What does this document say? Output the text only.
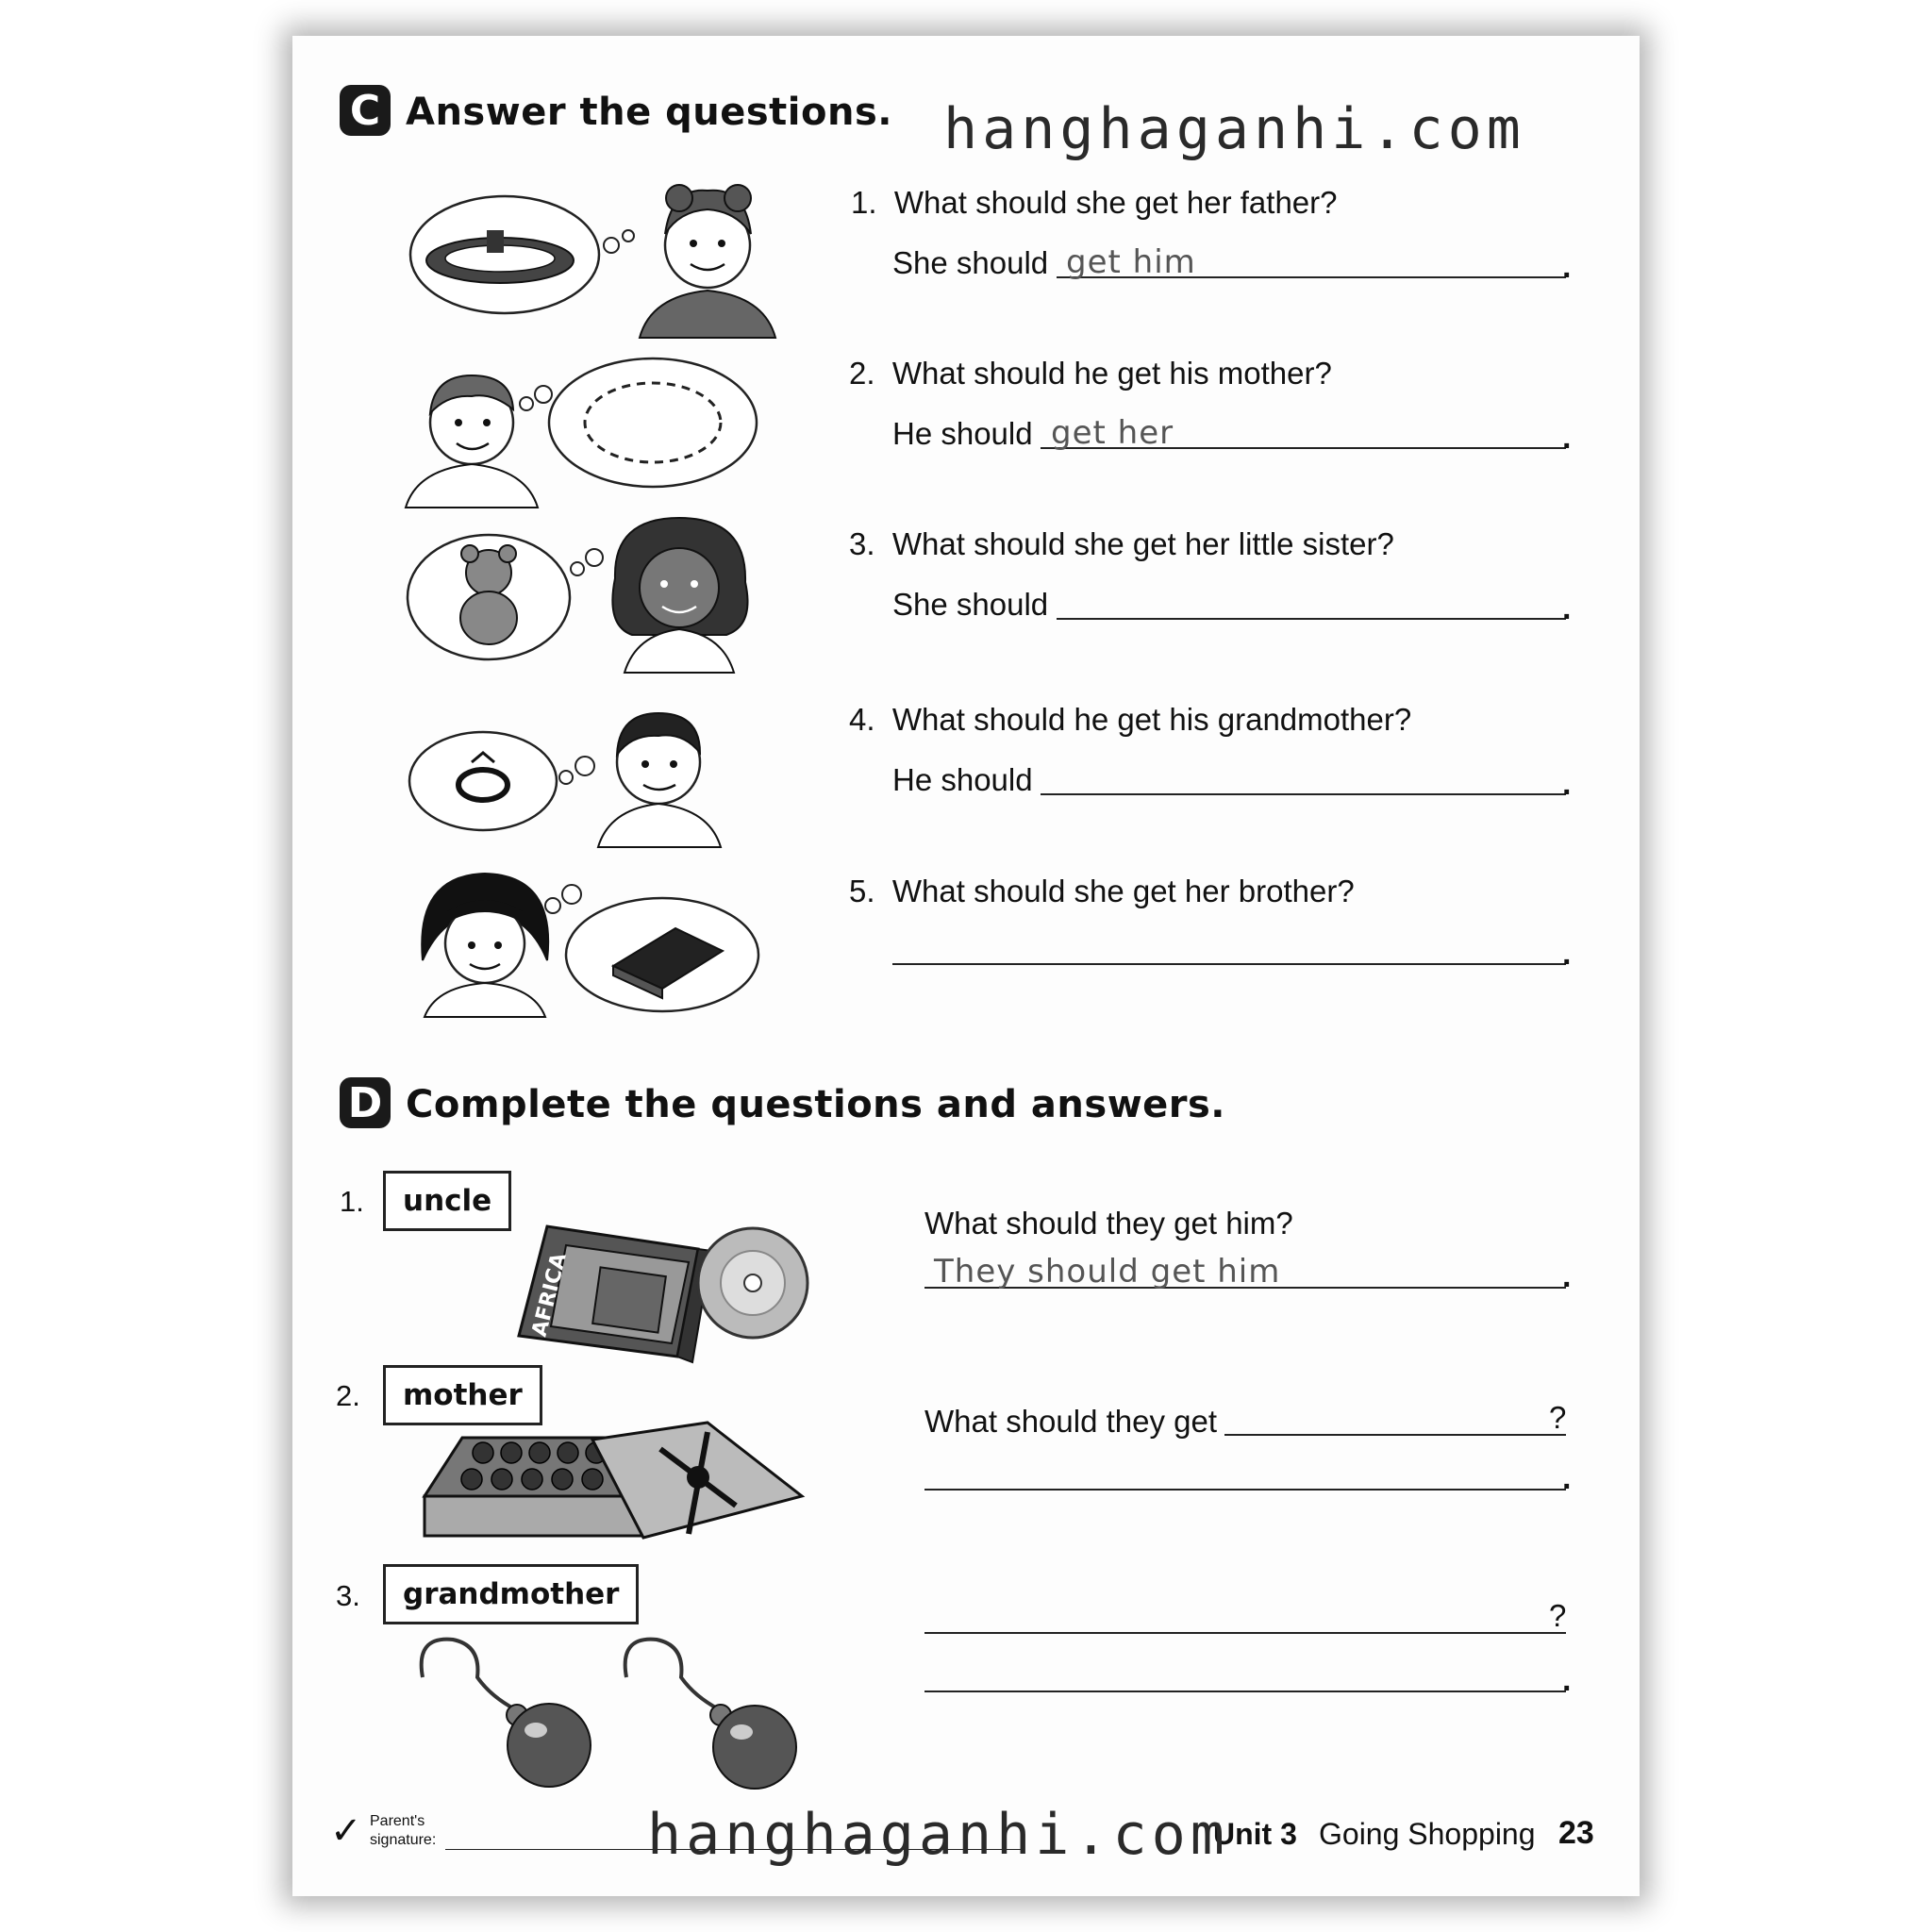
C Answer the questions.
1. What should she get her father?
She should get him	.
2. What should he get his mother?
He should get her	.
3. What should she get her little sister?
She should	.
4. What should he get his grandmother?
He should	.
5. What should she get her brother?
.
D Complete the questions and answers.
1.	uncle
AFRICA
What should they get him?
They should get him	.
2.	mother
What should they get	?
.
3.	grandmother
?
.
✓ Parent's
signature:	Unit 3 Going Shopping 23
hanghaganhi.com
hanghaganhi.com
